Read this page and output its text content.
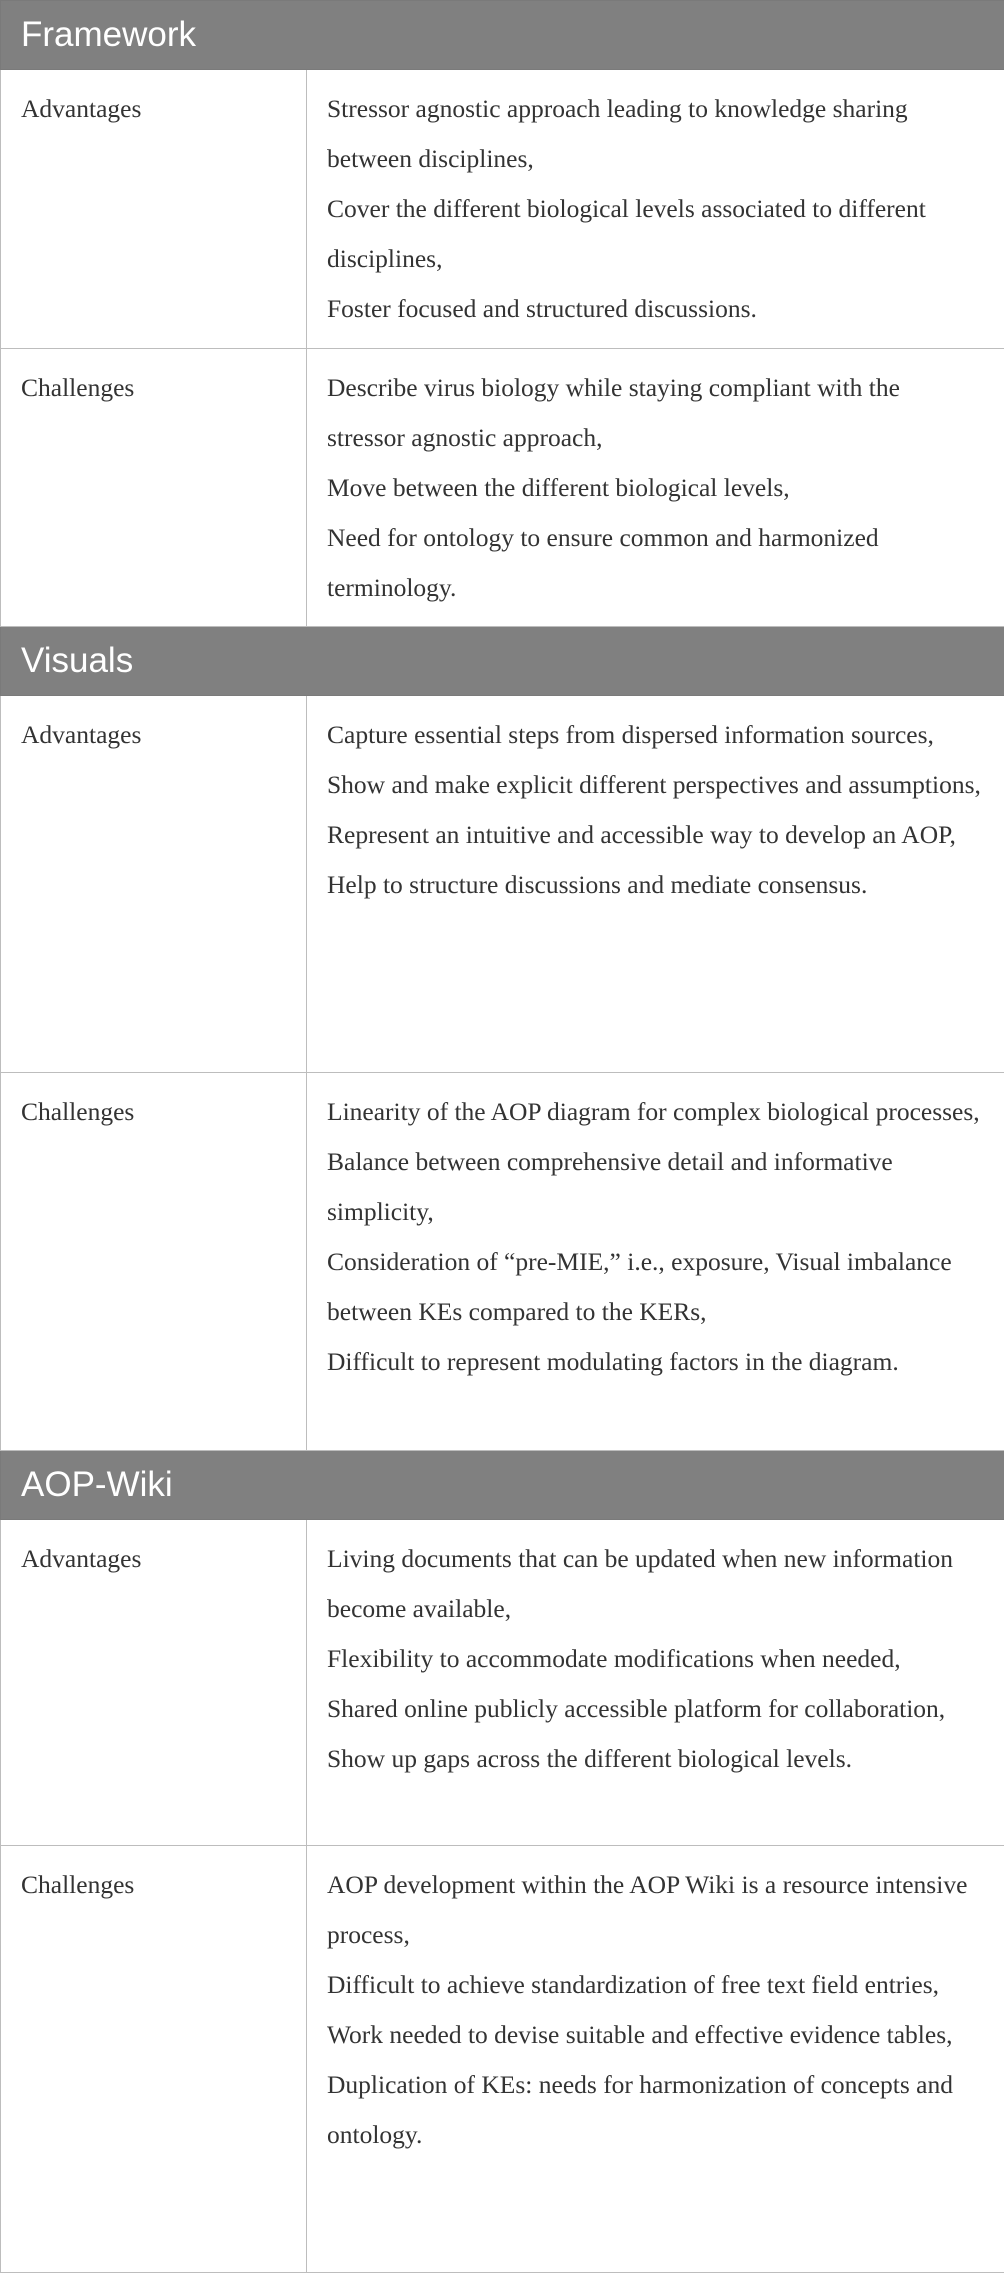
Framework	
Advantages	Stressor agnostic approach leading to knowledge sharing between disciplines,
Cover the different biological levels associated to different disciplines,
Foster focused and structured discussions.

Challenges	Describe virus biology while staying compliant with the stressor agnostic approach,
Move between the different biological levels,
Need for ontology to ensure common and harmonized terminology.

Visuals	
Advantages	Capture essential steps from dispersed information sources,
Show and make explicit different perspectives and assumptions,
Represent an intuitive and accessible way to develop an AOP,
Help to structure discussions and mediate consensus.

Challenges	Linearity of the AOP diagram for complex biological processes,
Balance between comprehensive detail and informative simplicity,
Consideration of “pre-MIE,” i.e., exposure, Visual imbalance between KEs compared to the KERs,
Difficult to represent modulating factors in the diagram.

AOP-Wiki	
Advantages	Living documents that can be updated when new information become available,
Flexibility to accommodate modifications when needed,
Shared online publicly accessible platform for collaboration,
Show up gaps across the different biological levels.

Challenges	AOP development within the AOP Wiki is a resource intensive process,
Difficult to achieve standardization of free text field entries,
Work needed to devise suitable and effective evidence tables,
Duplication of KEs: needs for harmonization of concepts and ontology.
